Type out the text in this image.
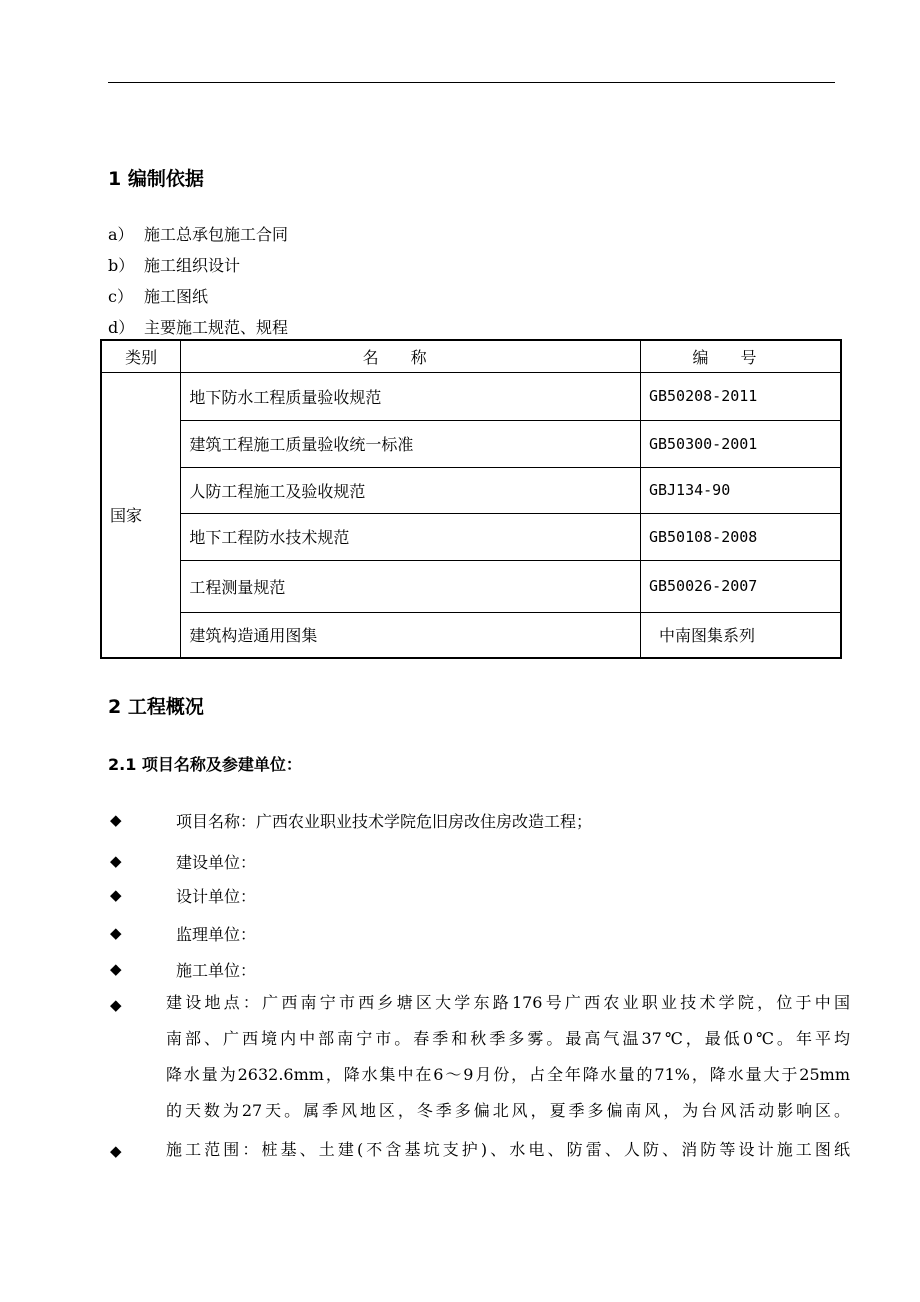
1 编制依据
a） 施工总承包施工合同
b） 施工组织设计
c） 施工图纸
d） 主要施工规范、规程
类别	名称	编号
国家	地下防水工程质量验收规范	GB50208-2011
	建筑工程施工质量验收统一标准	GB50300-2001
	人防工程施工及验收规范	GBJ134-90
	地下工程防水技术规范	GB50108-2008
	工程测量规范	GB50026-2007
	建筑构造通用图集	中南图集系列
2 工程概况
2.1 项目名称及参建单位：
◆	项目名称：广西农业职业技术学院危旧房改住房改造工程；
◆	建设单位：
◆	设计单位：
◆	监理单位：
◆	施工单位：
◆	建设地点：广西南宁市西乡塘区大学东路176号广西农业职业技术学院，位于中国
南部、广西境内中部南宁市。春季和秋季多雾。最高气温37℃，最低0℃。年平均
降水量为2632.6mm，降水集中在6～9月份，占全年降水量的71%，降水量大于25mm
的天数为27天。属季风地区，冬季多偏北风，夏季多偏南风，为台风活动影响区。
◆	施工范围：桩基、土建(不含基坑支护)、水电、防雷、人防、消防等设计施工图纸
